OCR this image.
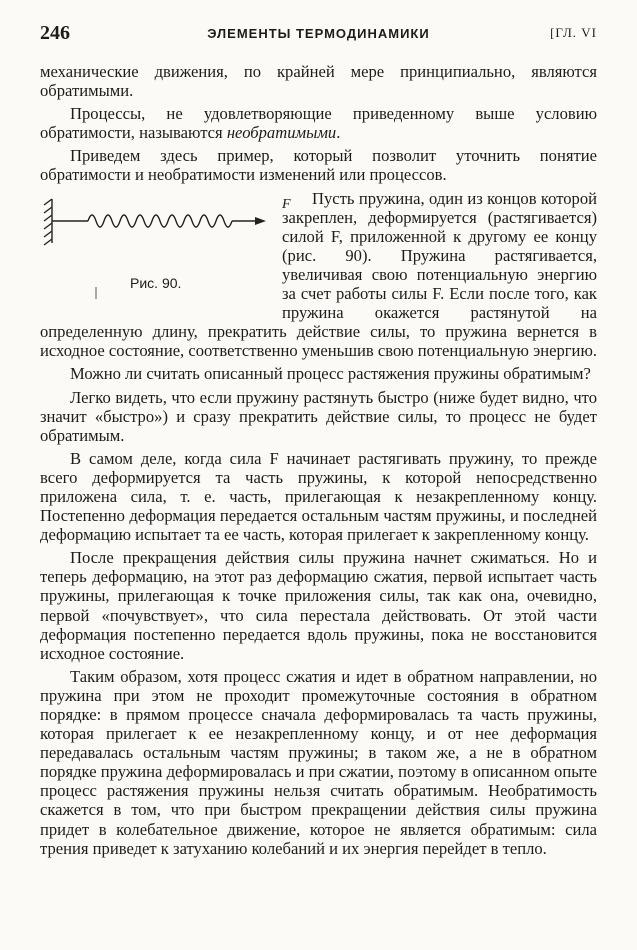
246	ЭЛЕМЕНТЫ ТЕРМОДИНАМИКИ	[ГЛ. VI

механические движения, по крайней мере принципиально, являются обратимыми.

Процессы, не удовлетворяющие приведенному выше условию обратимости, называются необратимыми.

Приведем здесь пример, который позволит уточнить понятие обратимости и необратимости изменений или процессов.

F
Рис. 90.
Пусть пружина, один из концов которой закреплен, деформируется (растягивается) силой F, приложенной к другому ее концу (рис. 90). Пружина растягивается, увеличивая свою потенциальную энергию за счет работы силы F. Если после того, как пружина окажется растянутой на определенную длину, прекратить действие силы, то пружина вернется в исходное состояние, соответственно уменьшив свою потенциальную энергию.

Можно ли считать описанный процесс растяжения пружины обратимым?

Легко видеть, что если пружину растянуть быстро (ниже будет видно, что значит «быстро») и сразу прекратить действие силы, то процесс не будет обратимым.

В самом деле, когда сила F начинает растягивать пружину, то прежде всего деформируется та часть пружины, к которой непосредственно приложена сила, т. е. часть, прилегающая к незакрепленному концу. Постепенно деформация передается остальным частям пружины, и последней деформацию испытает та ее часть, которая прилегает к закрепленному концу.

После прекращения действия силы пружина начнет сжиматься. Но и теперь деформацию, на этот раз деформацию сжатия, первой испытает часть пружины, прилегающая к точке приложения силы, так как она, очевидно, первой «почувствует», что сила перестала действовать. От этой части деформация постепенно передается вдоль пружины, пока не восстановится исходное состояние.

Таким образом, хотя процесс сжатия и идет в обратном направлении, но пружина при этом не проходит промежуточные состояния в обратном порядке: в прямом процессе сначала деформировалась та часть пружины, которая прилегает к ее незакрепленному концу, и от нее деформация передавалась остальным частям пружины; в таком же, а не в обратном порядке пружина деформировалась и при сжатии, поэтому в описанном опыте процесс растяжения пружины нельзя считать обратимым. Необратимость скажется в том, что при быстром прекращении действия силы пружина придет в колебательное движение, которое не является обратимым: сила трения приведет к затуханию колебаний и их энергия перейдет в тепло.
